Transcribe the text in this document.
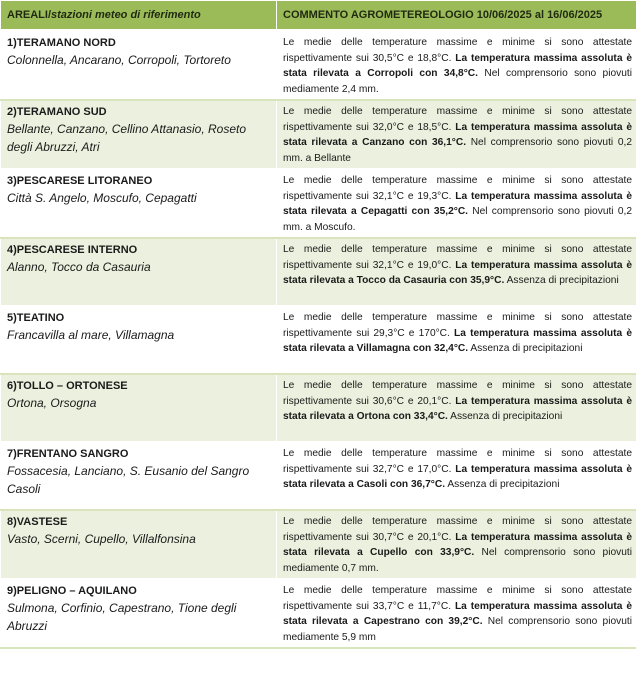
AREALI/stazioni meteo di riferimento	COMMENTO AGROMETEREOLOGIO 10/06/2025 al 16/06/2025

1)TERAMANO NORD
Colonnella, Ancarano, Corropoli, Tortoreto	Le medie delle temperature massime e minime si sono attestate rispettivamente sui 30,5°C e 18,8°C. La temperatura massima assoluta è stata rilevata a Corropoli con 34,8°C. Nel comprensorio sono piovuti mediamente 2,4 mm.

2)TERAMANO SUD
Bellante, Canzano, Cellino Attanasio, Roseto degli Abruzzi, Atri	Le medie delle temperature massime e minime si sono attestate rispettivamente sui 32,0°C e 18,5°C. La temperatura massima assoluta è stata rilevata a Canzano con 36,1°C. Nel comprensorio sono piovuti 0,2 mm. a Bellante

3)PESCARESE LITORANEO
Città S. Angelo, Moscufo, Cepagatti	Le medie delle temperature massime e minime si sono attestate rispettivamente sui 32,1°C e 19,3°C. La temperatura massima assoluta è stata rilevata a Cepagatti con 35,2°C. Nel comprensorio sono piovuti 0,2 mm. a Moscufo.

4)PESCARESE INTERNO
Alanno, Tocco da Casauria	Le medie delle temperature massime e minime si sono attestate rispettivamente sui 32,1°C e 19,0°C. La temperatura massima assoluta è stata rilevata a Tocco da Casauria con 35,9°C. Assenza di precipitazioni

5)TEATINO
Francavilla al mare, Villamagna	Le medie delle temperature massime e minime si sono attestate rispettivamente sui 29,3°C e 170°C. La temperatura massima assoluta è stata rilevata a Villamagna con 32,4°C. Assenza di precipitazioni

6)TOLLO – ORTONESE
Ortona, Orsogna	Le medie delle temperature massime e minime si sono attestate rispettivamente sui 30,6°C e 20,1°C. La temperatura massima assoluta è stata rilevata a Ortona con 33,4°C. Assenza di precipitazioni

7)FRENTANO SANGRO
Fossacesia, Lanciano, S. Eusanio del Sangro Casoli	Le medie delle temperature massime e minime si sono attestate rispettivamente sui 32,7°C e 17,0°C. La temperatura massima assoluta è stata rilevata a Casoli con 36,7°C. Assenza di precipitazioni

8)VASTESE
Vasto, Scerni, Cupello, Villalfonsina	Le medie delle temperature massime e minime si sono attestate rispettivamente sui 30,7°C e 20,1°C. La temperatura massima assoluta è stata rilevata a Cupello con 33,9°C. Nel comprensorio sono piovuti mediamente 0,7 mm.

9)PELIGNO – AQUILANO
Sulmona, Corfinio, Capestrano, Tione degli Abruzzi	Le medie delle temperature massime e minime si sono attestate rispettivamente sui 33,7°C e 11,7°C. La temperatura massima assoluta è stata rilevata a Capestrano con 39,2°C. Nel comprensorio sono piovuti mediamente 5,9 mm
